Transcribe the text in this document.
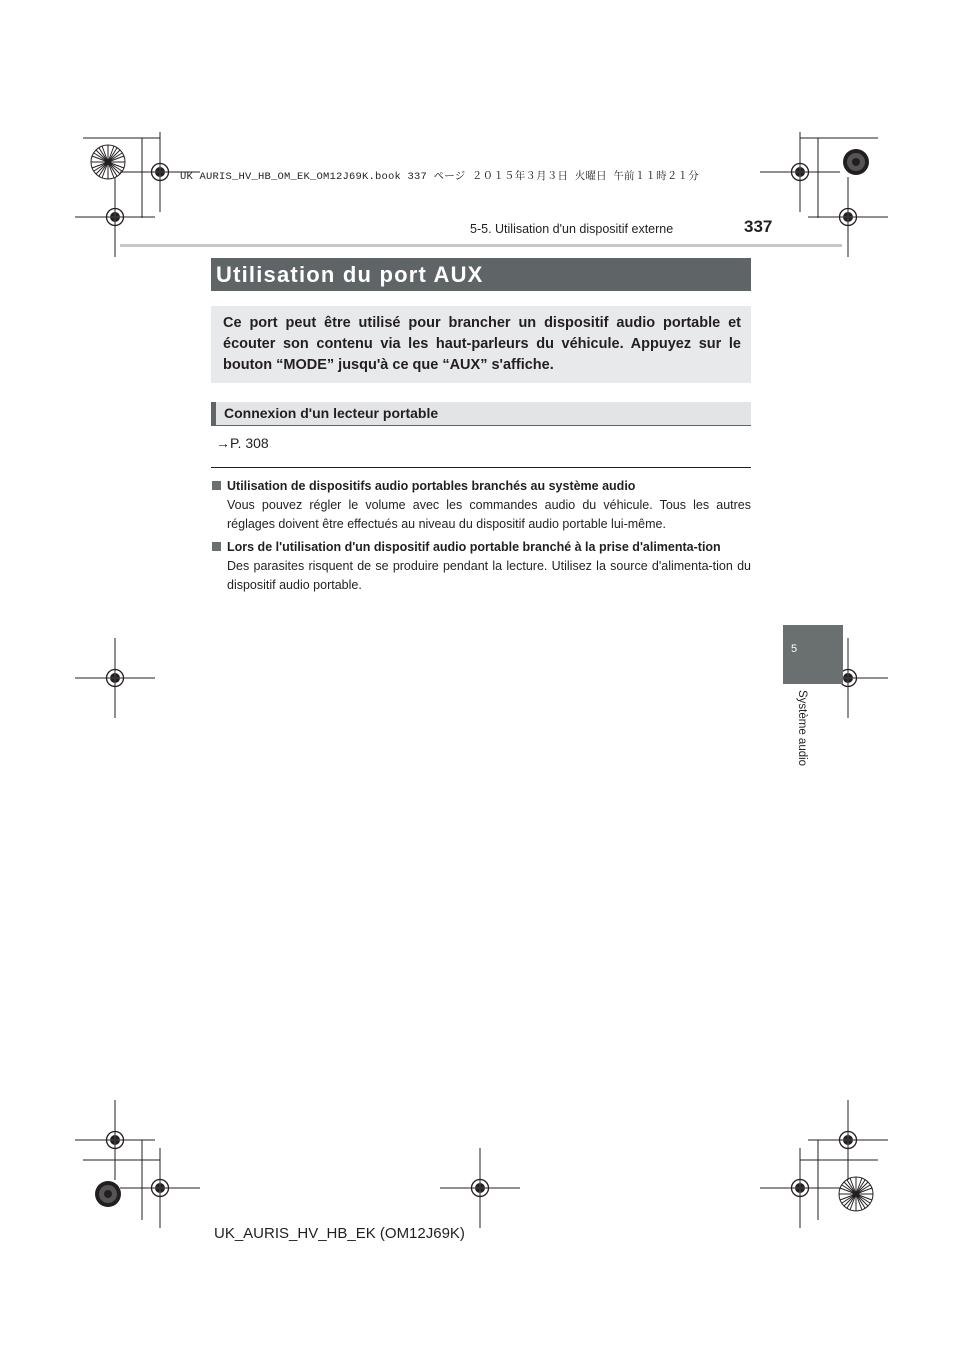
UK AURIS_HV_HB_OM_EK_OM12J69K.book 337 ページ ２０１５年３月３日 火曜日 午前１１時２１分
5-5. Utilisation d'un dispositif externe	337
5
Système audio
Utilisation du port AUX
Ce port peut être utilisé pour brancher un dispositif audio portable et écouter son contenu via les haut-parleurs du véhicule. Appuyez sur le bouton “MODE” jusqu'à ce que “AUX” s'affiche.
Connexion d'un lecteur portable
→P. 308
Utilisation de dispositifs audio portables branchés au système audio
Vous pouvez régler le volume avec les commandes audio du véhicule. Tous les autres réglages doivent être effectués au niveau du dispositif audio portable lui-même.
Lors de l'utilisation d'un dispositif audio portable branché à la prise d'alimenta-tion
Des parasites risquent de se produire pendant la lecture. Utilisez la source d'alimenta-tion du dispositif audio portable.
UK_AURIS_HV_HB_EK (OM12J69K)
